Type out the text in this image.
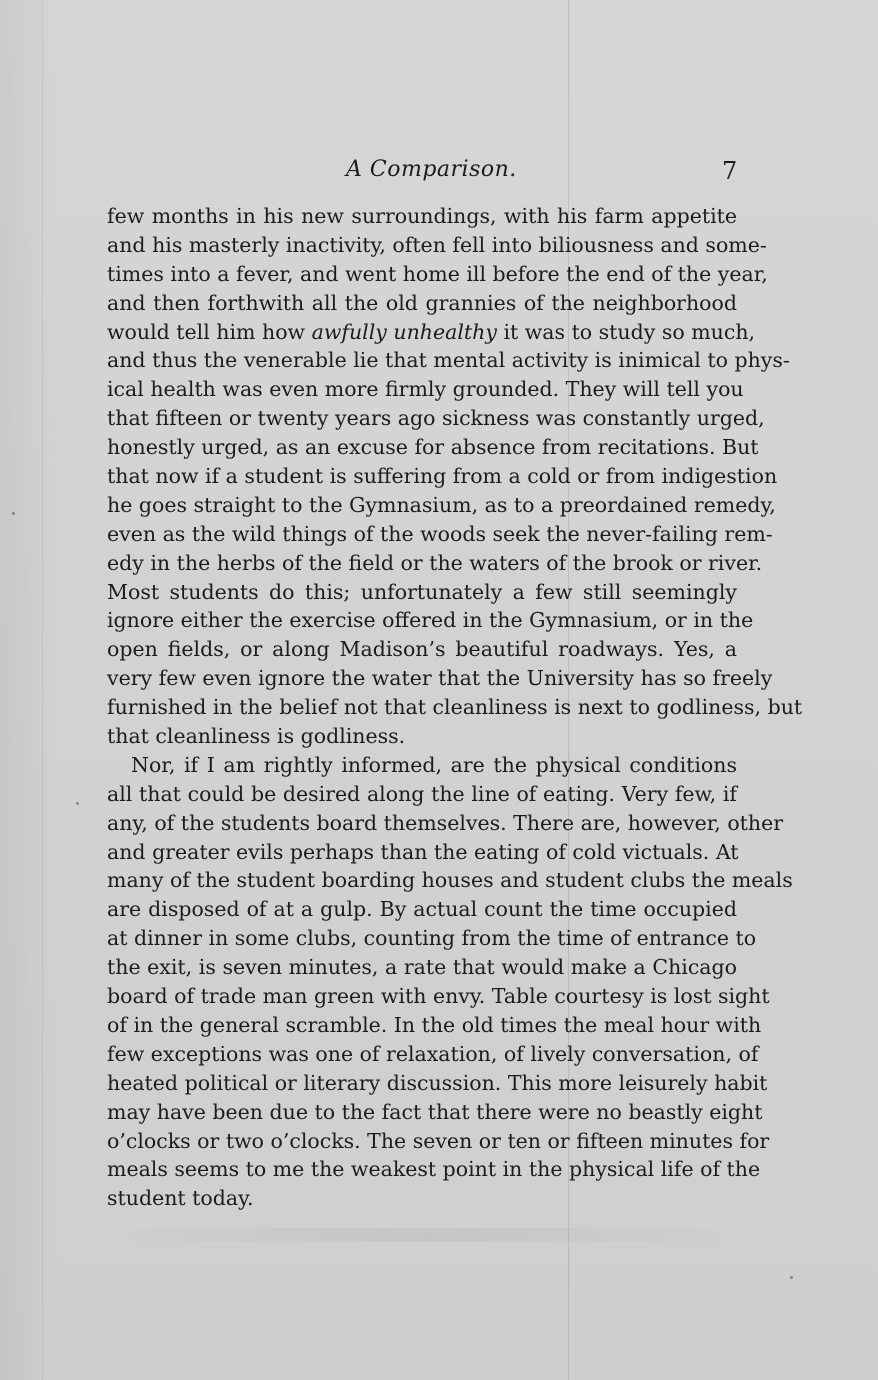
A Comparison.	7
few months in his new surroundings, with his farm appetite
and his masterly inactivity, often fell into biliousness and some-
times into a fever, and went home ill before the end of the year,
and then forthwith all the old grannies of the neighborhood
would tell him how awfully unhealthy it was to study so much,
and thus the venerable lie that mental activity is inimical to phys-
ical health was even more firmly grounded. They will tell you
that fifteen or twenty years ago sickness was constantly urged,
honestly urged, as an excuse for absence from recitations. But
that now if a student is suffering from a cold or from indigestion
he goes straight to the Gymnasium, as to a preordained remedy,
even as the wild things of the woods seek the never-failing rem-
edy in the herbs of the field or the waters of the brook or river.
Most students do this; unfortunately a few still seemingly
ignore either the exercise offered in the Gymnasium, or in the
open fields, or along Madison’s beautiful roadways. Yes, a
very few even ignore the water that the University has so freely
furnished in the belief not that cleanliness is next to godliness, but
that cleanliness is godliness.
Nor, if I am rightly informed, are the physical conditions
all that could be desired along the line of eating. Very few, if
any, of the students board themselves. There are, however, other
and greater evils perhaps than the eating of cold victuals. At
many of the student boarding houses and student clubs the meals
are disposed of at a gulp. By actual count the time occupied
at dinner in some clubs, counting from the time of entrance to
the exit, is seven minutes, a rate that would make a Chicago
board of trade man green with envy. Table courtesy is lost sight
of in the general scramble. In the old times the meal hour with
few exceptions was one of relaxation, of lively conversation, of
heated political or literary discussion. This more leisurely habit
may have been due to the fact that there were no beastly eight
o’clocks or two o’clocks. The seven or ten or fifteen minutes for
meals seems to me the weakest point in the physical life of the
student today.
